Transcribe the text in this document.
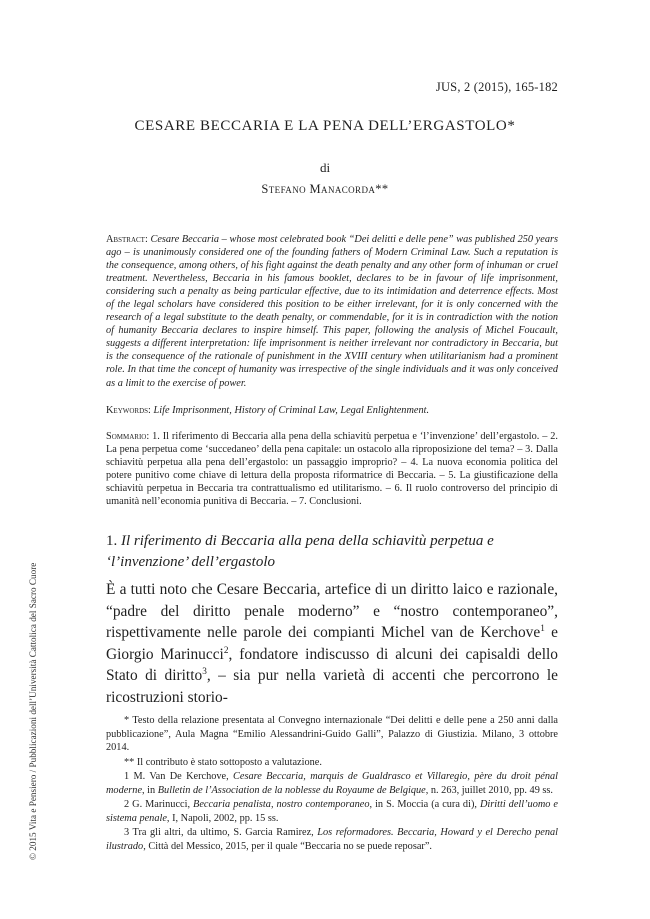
JUS, 2 (2015), 165-182
CESARE BECCARIA E LA PENA DELL’ERGASTOLO*
di
Stefano Manacorda**
Abstract: Cesare Beccaria – whose most celebrated book “Dei delitti e delle pene” was published 250 years ago – is unanimously considered one of the founding fathers of Modern Criminal Law. Such a reputation is the consequence, among others, of his fight against the death penalty and any other form of inhuman or cruel treatment. Nevertheless, Beccaria in his famous booklet, declares to be in favour of life imprisonment, considering such a penalty as being particular effective, due to its intimidation and deterrence effects. Most of the legal scholars have considered this position to be either irrelevant, for it is only concerned with the research of a legal substitute to the death penalty, or commendable, for it is in contradiction with the notion of humanity Beccaria declares to inspire himself. This paper, following the analysis of Michel Foucault, suggests a different interpretation: life imprisonment is neither irrelevant nor contradictory in Beccaria, but is the consequence of the rationale of punishment in the XVIII century when utilitarianism had a prominent role. In that time the concept of humanity was irrespective of the single individuals and it was only conceived as a limit to the exercise of power.
Keywords: Life Imprisonment, History of Criminal Law, Legal Enlightenment.
Sommario: 1. Il riferimento di Beccaria alla pena della schiavitù perpetua e ‘l’invenzione’ dell’ergastolo. – 2. La pena perpetua come ‘succedaneo’ della pena capitale: un ostacolo alla riproposizione del tema? – 3. Dalla schiavitù perpetua alla pena dell’ergastolo: un passaggio improprio? – 4. La nuova economia politica del potere punitivo come chiave di lettura della proposta riformatrice di Beccaria. – 5. La giustificazione della schiavitù perpetua in Beccaria tra contrattualismo ed utilitarismo. – 6. Il ruolo controverso del principio di umanità nell’economia punitiva di Beccaria. – 7. Conclusioni.
1. Il riferimento di Beccaria alla pena della schiavitù perpetua e ‘l’invenzione’ dell’ergastolo
È a tutti noto che Cesare Beccaria, artefice di un diritto laico e razionale, “padre del diritto penale moderno” e “nostro contemporaneo”, rispettivamente nelle parole dei compianti Michel van de Kerchove$^1$ e Giorgio Marinucci$^2$, fondatore indiscusso di alcuni dei capisaldi dello Stato di diritto$^3$, – sia pur nella varietà di accenti che percorrono le ricostruzioni storio-

* Testo della relazione presentata al Convegno internazionale “Dei delitti e delle pene a 250 anni dalla pubblicazione”, Aula Magna “Emilio Alessandrini-Guido Galli”, Palazzo di Giustizia. Milano, 3 ottobre 2014.

** Il contributo è stato sottoposto a valutazione.

1 M. Van De Kerchove, Cesare Beccaria, marquis de Gualdrasco et Villaregio, père du droit pénal moderne, in Bulletin de l’Association de la noblesse du Royaume de Belgique, n. 263, juillet 2010, pp. 49 ss.

2 G. Marinucci, Beccaria penalista, nostro contemporaneo, in S. Moccia (a cura di), Diritti dell’uomo e sistema penale, I, Napoli, 2002, pp. 15 ss.

3 Tra gli altri, da ultimo, S. Garcia Ramirez, Los reformadores. Beccaria, Howard y el Derecho penal ilustrado, Città del Messico, 2015, per il quale “Beccaria no se puede reposar”.

© 2015 Vita e Pensiero / Pubblicazioni dell’Università Cattolica del Sacro Cuore
